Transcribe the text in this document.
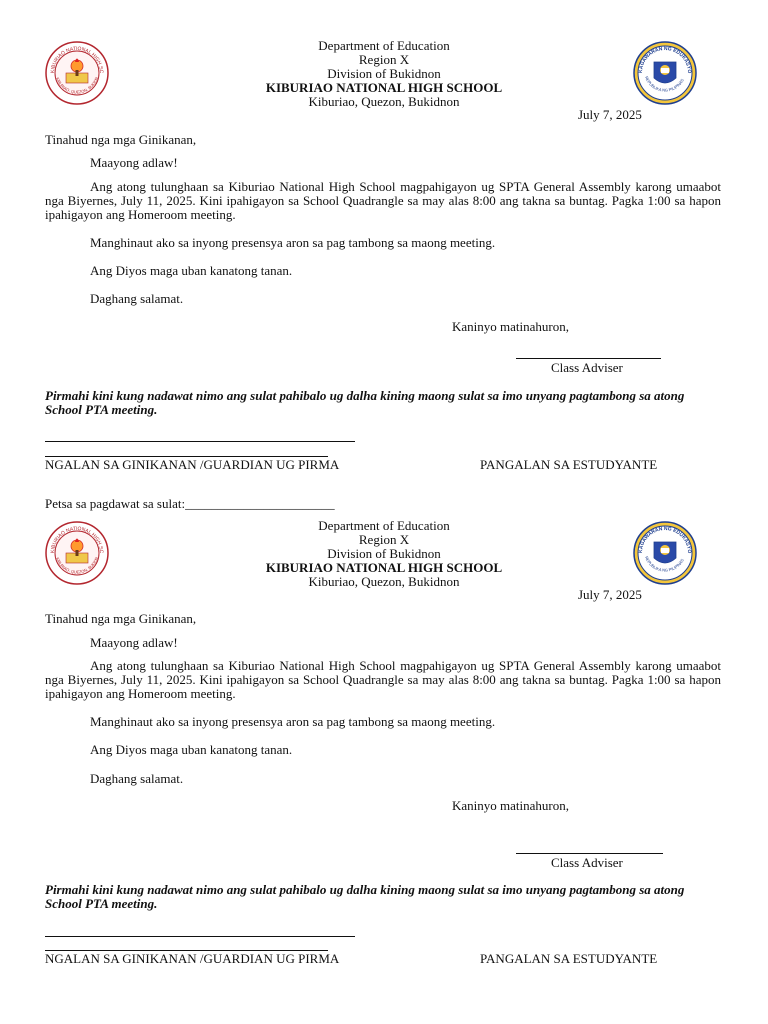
KIBURIAO NATIONAL HIGH SC
KIBURIAO, QUEZON, BUKIDN
KAGAWARAN NG EDUKASYO
REPUBLIKA NG PILIPINAS
Department of Education
Region X
Division of Bukidnon
KIBURIAO NATIONAL HIGH SCHOOL
Kiburiao, Quezon, Bukidnon
July 7, 2025
Tinahud nga mga Ginikanan,
Maayong adlaw!
Ang atong tulunghaan sa Kiburiao National High School magpahigayon ug SPTA General Assembly karong umaabot nga Biyernes, July 11, 2025. Kini ipahigayon sa School Quadrangle sa may alas 8:00 ang takna sa buntag. Pagka 1:00 sa hapon ipahigayon ang Homeroom meeting.
Manghinaut ako sa inyong presensya aron sa pag tambong sa maong meeting.
Ang Diyos maga uban kanatong tanan.
Daghang salamat.
Kaninyo matinahuron,
Class Adviser
Pirmahi kini kung nadawat nimo ang sulat pahibalo ug dalha kining maong sulat sa imo unyang pagtambong sa atong School PTA meeting.
NGALAN SA GINIKANAN /GUARDIAN UG PIRMA	PANGALAN SA ESTUDYANTE
Petsa sa pagdawat sa sulat:_______________________
KIBURIAO NATIONAL HIGH SC
KIBURIAO, QUEZON, BUKIDN
KAGAWARAN NG EDUKASYO
REPUBLIKA NG PILIPINAS
Department of Education
Region X
Division of Bukidnon
KIBURIAO NATIONAL HIGH SCHOOL
Kiburiao, Quezon, Bukidnon
July 7, 2025
Tinahud nga mga Ginikanan,
Maayong adlaw!
Ang atong tulunghaan sa Kiburiao National High School magpahigayon ug SPTA General Assembly karong umaabot nga Biyernes, July 11, 2025. Kini ipahigayon sa School Quadrangle sa may alas 8:00 ang takna sa buntag. Pagka 1:00 sa hapon ipahigayon ang Homeroom meeting.
Manghinaut ako sa inyong presensya aron sa pag tambong sa maong meeting.
Ang Diyos maga uban kanatong tanan.
Daghang salamat.
Kaninyo matinahuron,
Class Adviser
Pirmahi kini kung nadawat nimo ang sulat pahibalo ug dalha kining maong sulat sa imo unyang pagtambong sa atong School PTA meeting.
NGALAN SA GINIKANAN /GUARDIAN UG PIRMA	PANGALAN SA ESTUDYANTE
